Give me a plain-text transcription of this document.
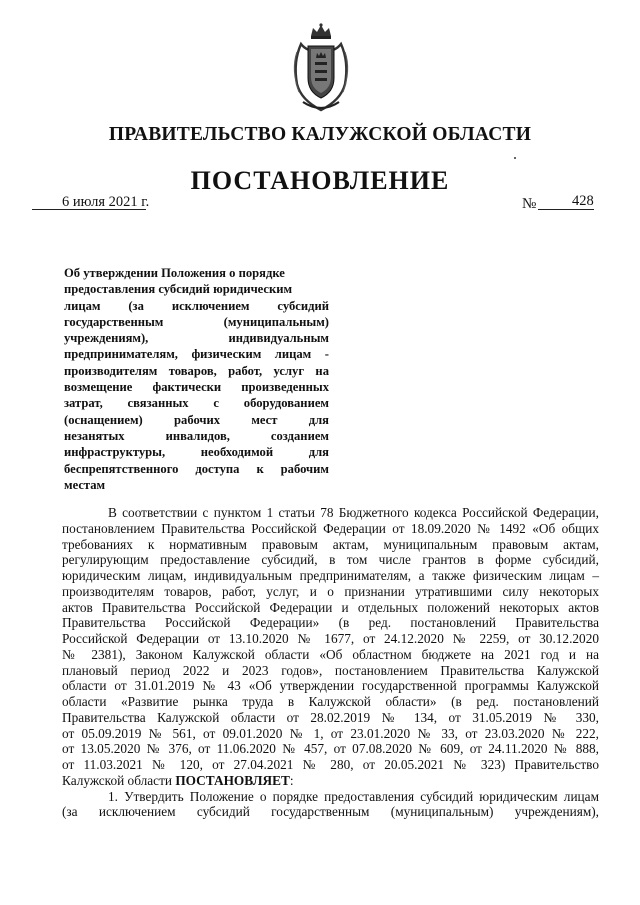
ПРАВИТЕЛЬСТВО КАЛУЖСКОЙ ОБЛАСТИ
ПОСТАНОВЛЕНИЕ
6 июля 2021 г.	№ 428
Об утверждении Положения о порядке
предоставления субсидий юридическим
лицам (за исключением субсидий
государственным (муниципальным)
учреждениям), индивидуальным
предпринимателям, физическим лицам -
производителям товаров, работ, услуг на
возмещение фактически произведенных
затрат, связанных с оборудованием
(оснащением) рабочих мест для
незанятых инвалидов, созданием
инфраструктуры, необходимой для
беспрепятственного доступа к рабочим
местам
В соответствии с пунктом 1 статьи 78 Бюджетного кодекса Российской Федерации,
постановлением Правительства Российской Федерации от 18.09.2020 № 1492 «Об общих
требованиях к нормативным правовым актам, муниципальным правовым актам,
регулирующим предоставление субсидий, в том числе грантов в форме субсидий,
юридическим лицам, индивидуальным предпринимателям, а также физическим лицам –
производителям товаров, работ, услуг, и о признании утратившими силу некоторых
актов Правительства Российской Федерации и отдельных положений некоторых актов
Правительства Российской Федерации» (в ред. постановлений Правительства
Российской Федерации от 13.10.2020 № 1677, от 24.12.2020 № 2259, от 30.12.2020
№ 2381), Законом Калужской области «Об областном бюджете на 2021 год и на
плановый период 2022 и 2023 годов», постановлением Правительства Калужской
области от 31.01.2019 № 43 «Об утверждении государственной программы Калужской
области «Развитие рынка труда в Калужской области» (в ред. постановлений
Правительства Калужской области от 28.02.2019 № 134, от 31.05.2019 № 330,
от 05.09.2019 № 561, от 09.01.2020 № 1, от 23.01.2020 № 33, от 23.03.2020 № 222,
от 13.05.2020 № 376, от 11.06.2020 № 457, от 07.08.2020 № 609, от 24.11.2020 № 888,
от 11.03.2021 № 120, от 27.04.2021 № 280, от 20.05.2021 № 323) Правительство
Калужской области ПОСТАНОВЛЯЕТ:
1. Утвердить Положение о порядке предоставления субсидий юридическим лицам
(за исключением субсидий государственным (муниципальным) учреждениям),
